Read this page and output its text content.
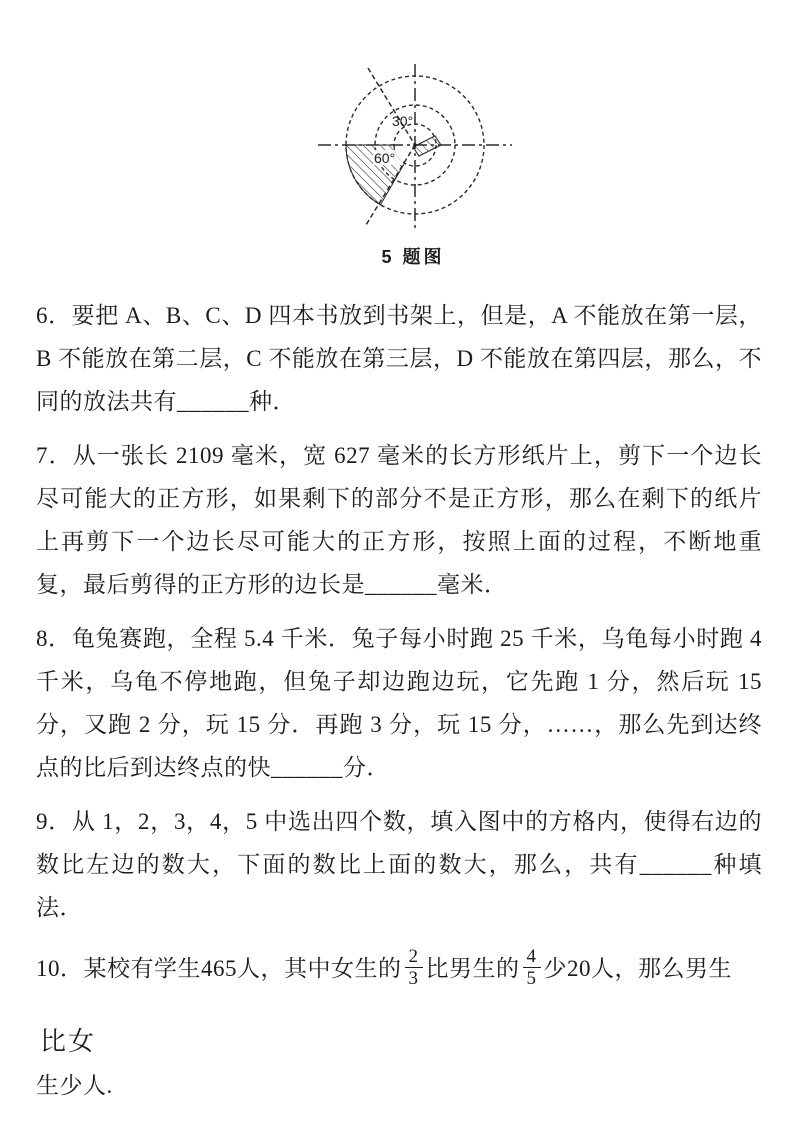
30°
60°
5 题图

6．要把 A、B、C、D 四本书放到书架上，但是，A 不能放在第一层，B 不能放在第二层，C 不能放在第三层，D 不能放在第四层，那么，不同的放法共有______种．

7．从一张长 2109 毫米，宽 627 毫米的长方形纸片上，剪下一个边长尽可能大的正方形，如果剩下的部分不是正方形，那么在剩下的纸片上再剪下一个边长尽可能大的正方形，按照上面的过程，不断地重复，最后剪得的正方形的边长是______毫米．

8．龟兔赛跑，全程 5.4 千米．兔子每小时跑 25 千米，乌龟每小时跑 4 千米，乌龟不停地跑，但兔子却边跑边玩，它先跑 1 分，然后玩 15 分，又跑 2 分，玩 15 分．再跑 3 分，玩 15 分，……，那么先到达终点的比后到达终点的快______分．

9．从 1，2，3，4，5 中选出四个数，填入图中的方格内，使得右边的数比左边的数大，下面的数比上面的数大，那么，共有______种填法．

10．某校有学生465人，其中女生的 $\frac{2}{3}$ 比男生的 $\frac{4}{5}$ 少20人，那么男生比女
生少人.
